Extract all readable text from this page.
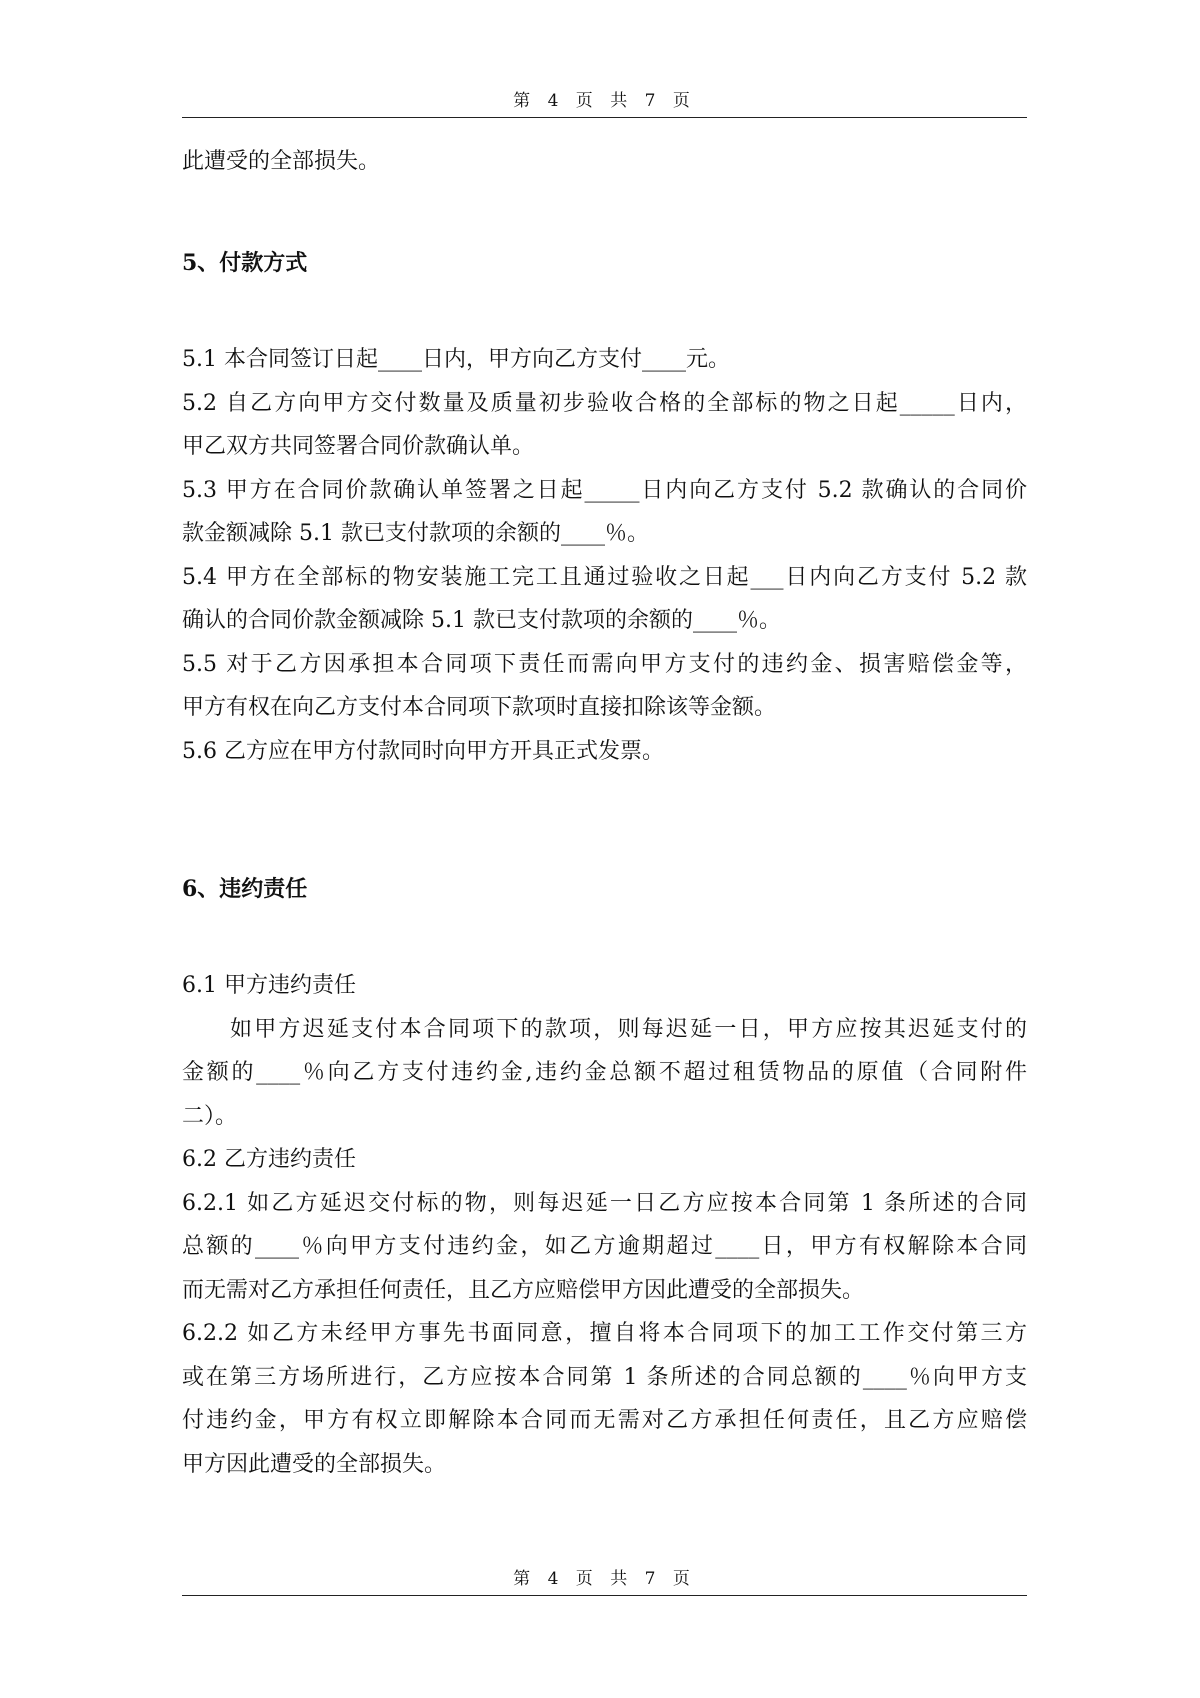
第 4 页 共 7 页
此遭受的全部损失。
5、付款方式
5.1 本合同签订日起____日内，甲方向乙方支付____元。
5.2 自乙方向甲方交付数量及质量初步验收合格的全部标的物之日起_____日内，
甲乙双方共同签署合同价款确认单。
5.3 甲方在合同价款确认单签署之日起_____日内向乙方支付 5.2 款确认的合同价
款金额减除 5.1 款已支付款项的余额的____％。
5.4 甲方在全部标的物安装施工完工且通过验收之日起___日内向乙方支付 5.2 款
确认的合同价款金额减除 5.1 款已支付款项的余额的____％。
5.5 对于乙方因承担本合同项下责任而需向甲方支付的违约金、损害赔偿金等，
甲方有权在向乙方支付本合同项下款项时直接扣除该等金额。
5.6 乙方应在甲方付款同时向甲方开具正式发票。
6、违约责任
6.1 甲方违约责任
如甲方迟延支付本合同项下的款项，则每迟延一日，甲方应按其迟延支付的
金额的____％向乙方支付违约金,违约金总额不超过租赁物品的原值（合同附件
二）。
6.2 乙方违约责任
6.2.1 如乙方延迟交付标的物，则每迟延一日乙方应按本合同第 1 条所述的合同
总额的____％向甲方支付违约金，如乙方逾期超过____日，甲方有权解除本合同
而无需对乙方承担任何责任，且乙方应赔偿甲方因此遭受的全部损失。
6.2.2 如乙方未经甲方事先书面同意，擅自将本合同项下的加工工作交付第三方
或在第三方场所进行，乙方应按本合同第 1 条所述的合同总额的____％向甲方支
付违约金，甲方有权立即解除本合同而无需对乙方承担任何责任，且乙方应赔偿
甲方因此遭受的全部损失。
第 4 页 共 7 页
